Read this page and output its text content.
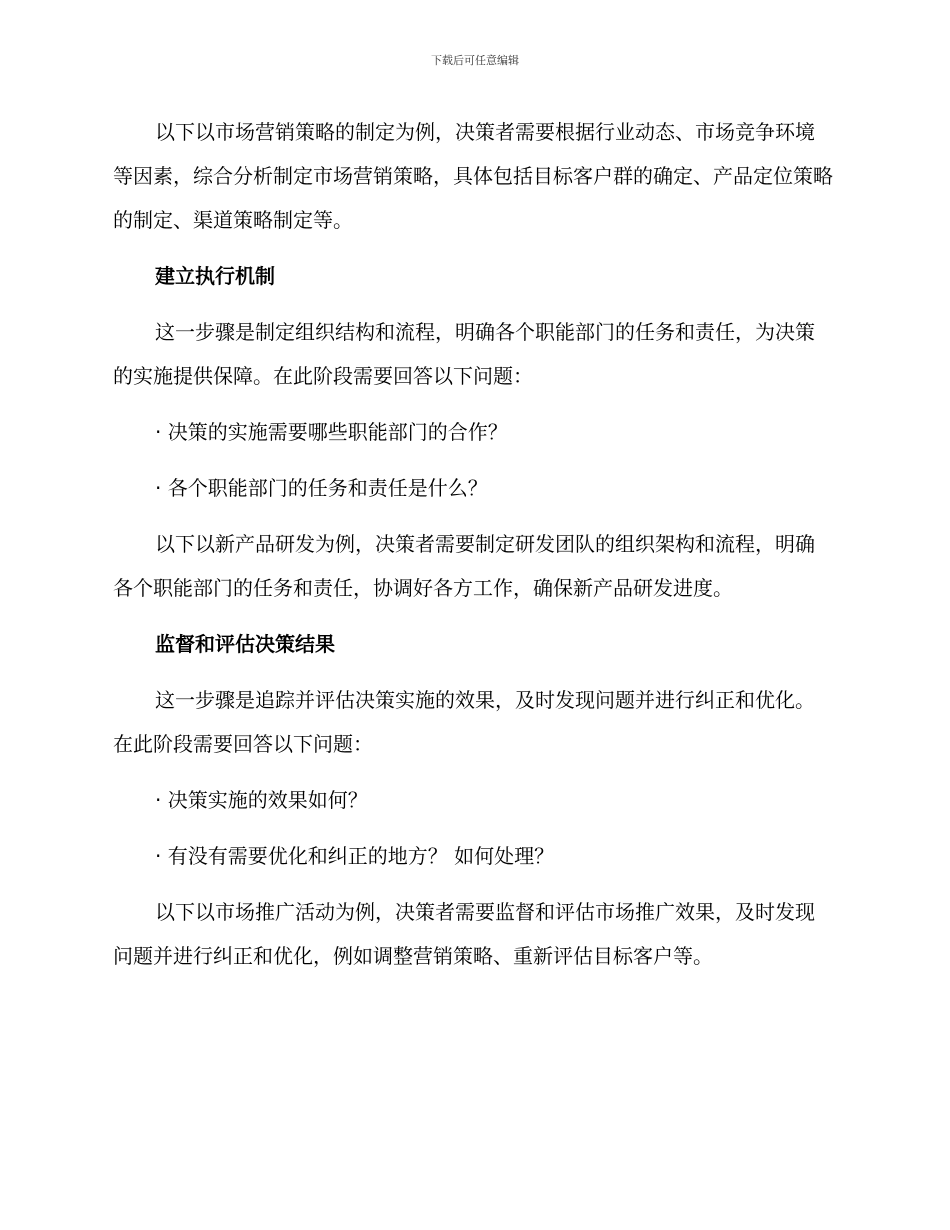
下载后可任意编辑

以下以市场营销策略的制定为例，决策者需要根据行业动态、市场竞争环境等因素，综合分析制定市场营销策略，具体包括目标客户群的确定、产品定位策略的制定、渠道策略制定等。

建立执行机制

这一步骤是制定组织结构和流程，明确各个职能部门的任务和责任，为决策的实施提供保障。在此阶段需要回答以下问题：

· 决策的实施需要哪些职能部门的合作？
· 各个职能部门的任务和责任是什么？

以下以新产品研发为例，决策者需要制定研发团队的组织架构和流程，明确各个职能部门的任务和责任，协调好各方工作，确保新产品研发进度。

监督和评估决策结果

这一步骤是追踪并评估决策实施的效果，及时发现问题并进行纠正和优化。在此阶段需要回答以下问题：

· 决策实施的效果如何？
· 有没有需要优化和纠正的地方？ 如何处理？

以下以市场推广活动为例，决策者需要监督和评估市场推广效果，及时发现问题并进行纠正和优化，例如调整营销策略、重新评估目标客户等。
